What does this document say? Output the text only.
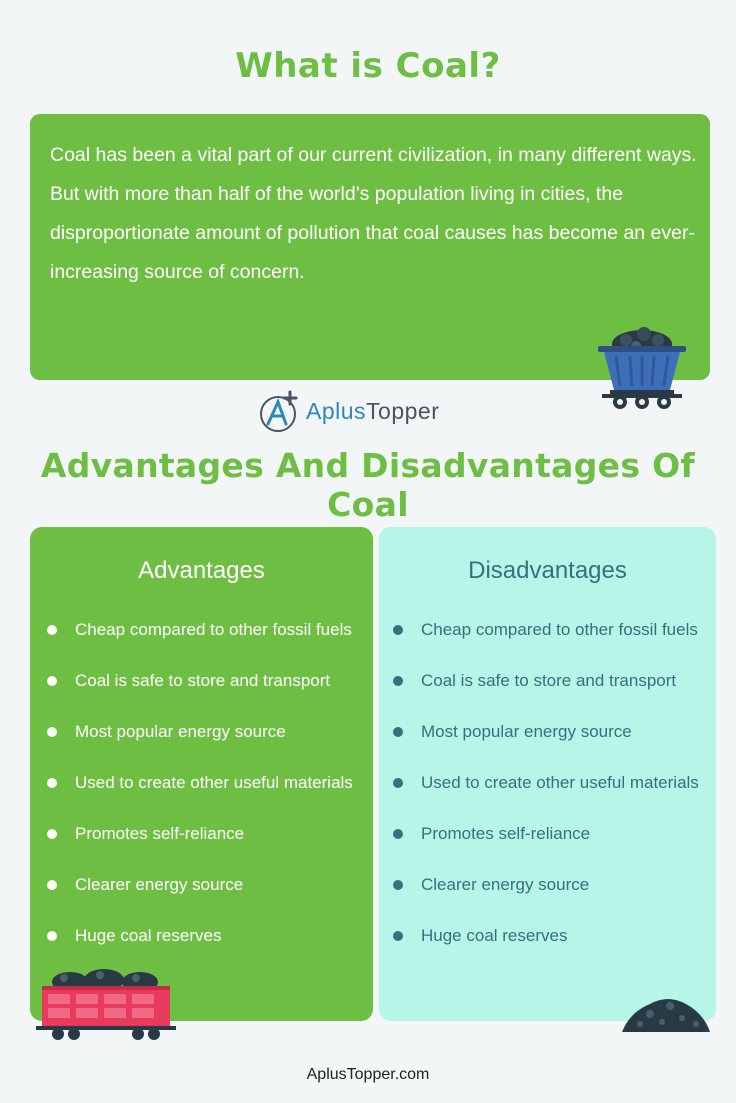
What is Coal?

Coal has been a vital part of our current civilization, in many different ways. But with more than half of the world’s population living in cities, the disproportionate amount of pollution that coal causes has become an ever-increasing source of concern.

AplusTopper
Advantages And Disadvantages Of Coal
Advantages
Cheap compared to other fossil fuels
Coal is safe to store and transport
Most popular energy source
Used to create other useful materials
Promotes self-reliance
Clearer energy source
Huge coal reserves
Disadvantages
Cheap compared to other fossil fuels
Coal is safe to store and transport
Most popular energy source
Used to create other useful materials
Promotes self-reliance
Clearer energy source
Huge coal reserves
AplusTopper.com
